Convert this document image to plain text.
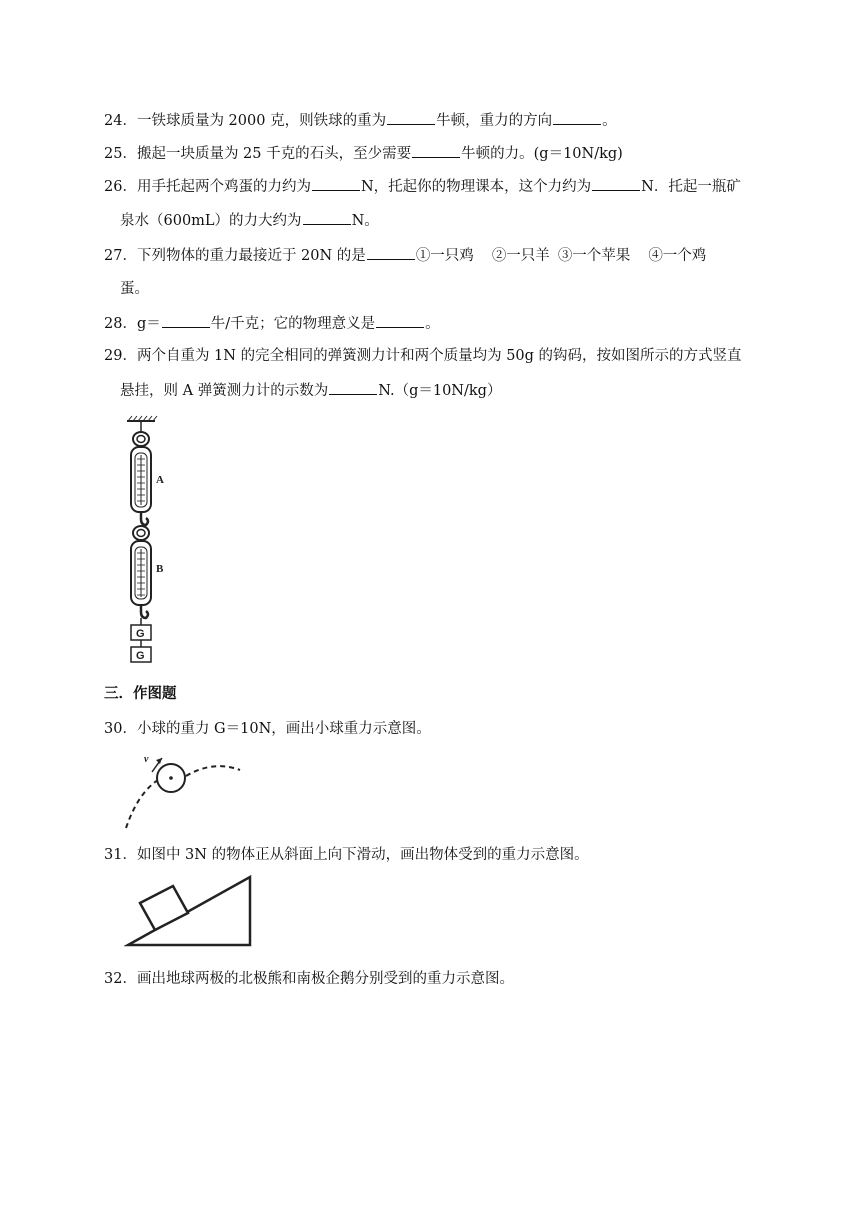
24．一铁球质量为 2000 克，则铁球的重为	牛顿，重力的方向	。
25．搬起一块质量为 25 千克的石头，至少需要	牛顿的力。(g＝10N/kg)
26．用手托起两个鸡蛋的力约为	N，托起你的物理课本，这个力约为	N．托起一瓶矿
泉水（600mL）的力大约为	N。
27．下列物体的重力最接近于 20N 的是	①一只鸡 ②一只羊 ③一个苹果 ④一个鸡
蛋。
28．g＝	牛/千克；它的物理意义是	。
29．两个自重为 1N 的完全相同的弹簧测力计和两个质量均为 50g 的钩码，按如图所示的方式竖直
悬挂，则 A 弹簧测力计的示数为	N.（g＝10N/kg）
A
B
G
G
三．作图题
30．小球的重力 G＝10N，画出小球重力示意图。
v
31．如图中 3N 的物体正从斜面上向下滑动，画出物体受到的重力示意图。
32．画出地球两极的北极熊和南极企鹅分别受到的重力示意图。
